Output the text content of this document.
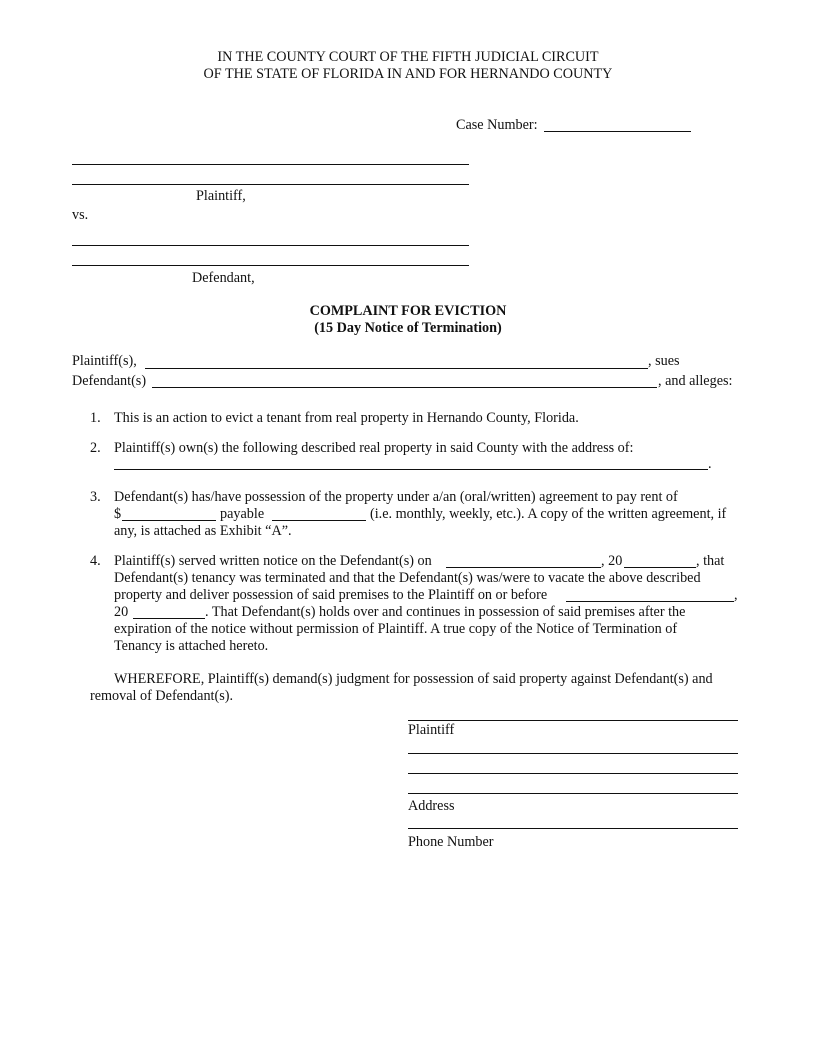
IN THE COUNTY COURT OF THE FIFTH JUDICIAL CIRCUIT
OF THE STATE OF FLORIDA IN AND FOR HERNANDO COUNTY
Case Number:
Plaintiff,
vs.
Defendant,
COMPLAINT FOR EVICTION
(15 Day Notice of Termination)
Plaintiff(s),	, sues
Defendant(s)	, and alleges:
1. This is an action to evict a tenant from real property in Hernando County, Florida.
2. Plaintiff(s) own(s) the following described real property in said County with the address of:
.
3. Defendant(s) has/have possession of the property under a/an (oral/written) agreement to pay rent of
$	payable	(i.e. monthly, weekly, etc.). A copy of the written agreement, if
any, is attached as Exhibit “A”.
4. Plaintiff(s) served written notice on the Defendant(s) on	, 20	, that
Defendant(s) tenancy was terminated and that the Defendant(s) was/were to vacate the above described
property and deliver possession of said premises to the Plaintiff on or before	,
20	. That Defendant(s) holds over and continues in possession of said premises after the
expiration of the notice without permission of Plaintiff. A true copy of the Notice of Termination of
Tenancy is attached hereto.
WHEREFORE, Plaintiff(s) demand(s) judgment for possession of said property against Defendant(s) and
removal of Defendant(s).
Plaintiff
Address
Phone Number
